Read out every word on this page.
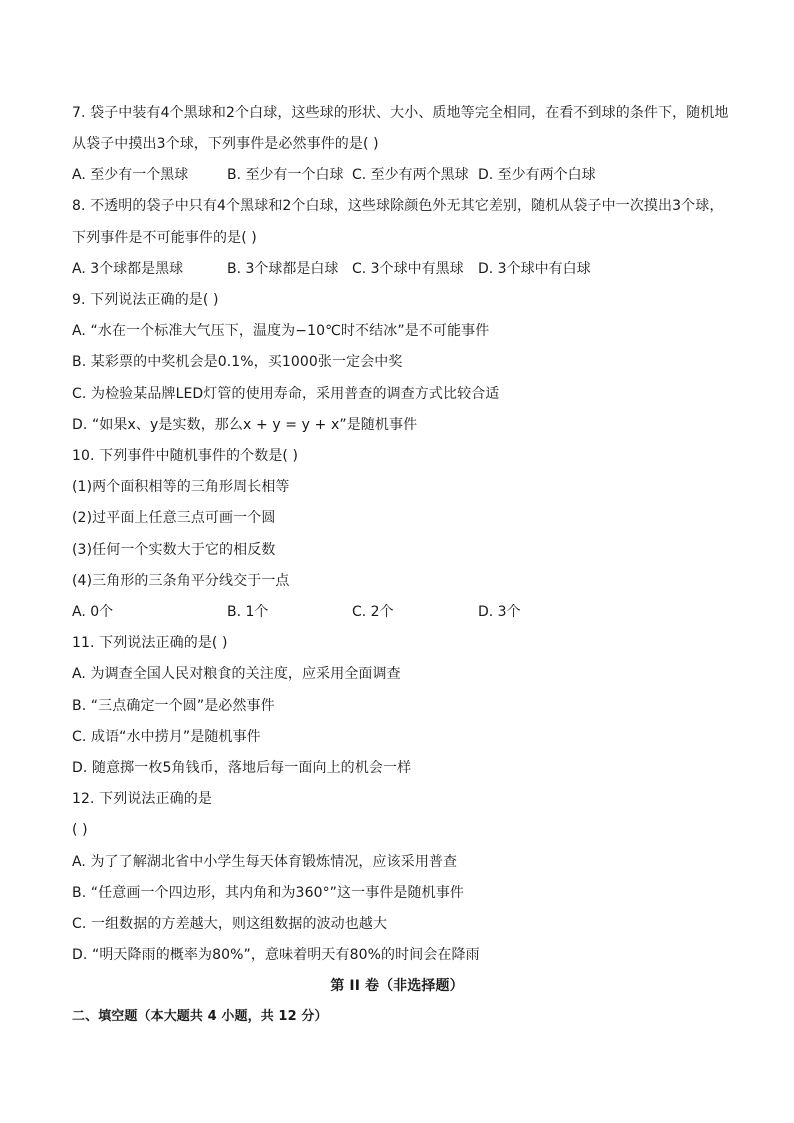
7. 袋子中装有4个黑球和2个白球，这些球的形状、大小、质地等完全相同，在看不到球的条件下，随机地
从袋子中摸出3个球，下列事件是必然事件的是( )
A. 至少有一个黑球	B. 至少有一个白球 C. 至少有两个黑球 D. 至少有两个白球
8. 不透明的袋子中只有4个黑球和2个白球，这些球除颜色外无其它差别，随机从袋子中一次摸出3个球，
下列事件是不可能事件的是( )
A. 3个球都是黑球	B. 3个球都是白球 C. 3个球中有黑球 D. 3个球中有白球
9. 下列说法正确的是( )
A. “水在一个标准大气压下，温度为−10℃时不结冰”是不可能事件
B. 某彩票的中奖机会是0.1%，买1000张一定会中奖
C. 为检验某品牌LED灯管的使用寿命，采用普查的调查方式比较合适
D. “如果x、y是实数，那么x + y = y + x”是随机事件
10. 下列事件中随机事件的个数是( )
(1)两个面积相等的三角形周长相等
(2)过平面上任意三点可画一个圆
(3)任何一个实数大于它的相反数
(4)三角形的三条角平分线交于一点
A. 0个	B. 1个	C. 2个	D. 3个
11. 下列说法正确的是( )
A. 为调查全国人民对粮食的关注度，应采用全面调查
B. “三点确定一个圆”是必然事件
C. 成语“水中捞月”是随机事件
D. 随意掷一枚5角钱币，落地后每一面向上的机会一样
12. 下列说法正确的是
( )
A. 为了了解湖北省中小学生每天体育锻炼情况，应该采用普查
B. “任意画一个四边形，其内角和为360°”这一事件是随机事件
C. 一组数据的方差越大，则这组数据的波动也越大
D. “明天降雨的概率为80%”，意味着明天有80%的时间会在降雨
第 II 卷（非选择题）
二、填空题（本大题共 4 小题，共 12 分）
